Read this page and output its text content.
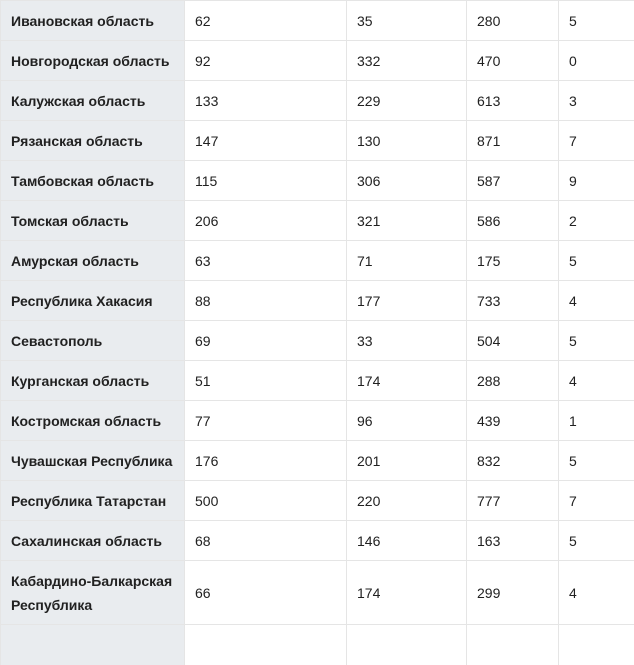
Ивановская область	62	35	280	5
Новгородская область	92	332	470	0
Калужская область	133	229	613	3
Рязанская область	147	130	871	7
Тамбовская область	115	306	587	9
Томская область	206	321	586	2
Амурская область	63	71	175	5
Республика Хакасия	88	177	733	4
Севастополь	69	33	504	5
Курганская область	51	174	288	4
Костромская область	77	96	439	1
Чувашская Республика	176	201	832	5
Республика Татарстан	500	220	777	7
Сахалинская область	68	146	163	5
Кабардино-Балкарская Республика	66	174	299	4
